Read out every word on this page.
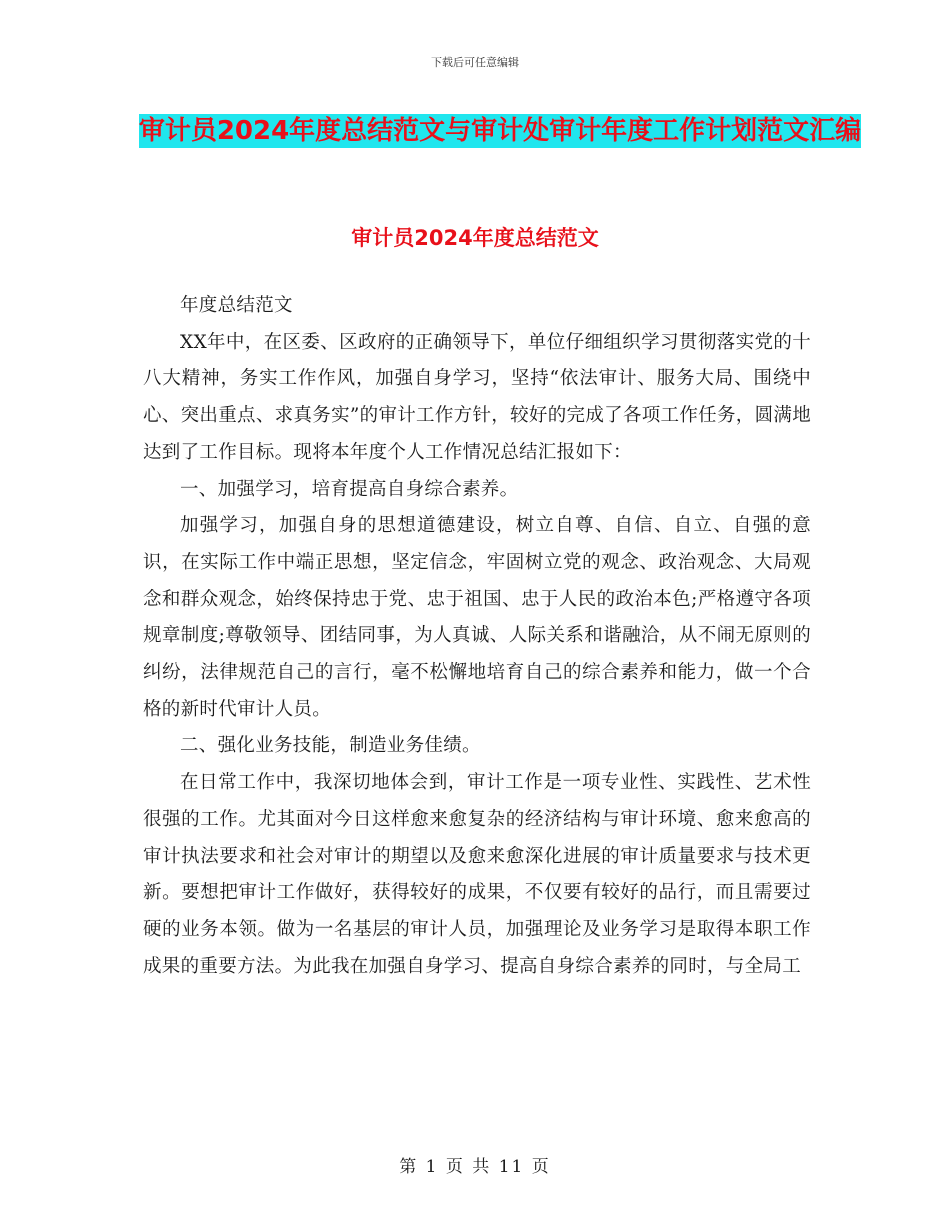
下载后可任意编辑
审计员2024年度总结范文与审计处审计年度工作计划范文汇编
审计员2024年度总结范文

年度总结范文

XX年中，在区委、区政府的正确领导下，单位仔细组织学习贯彻落实党的十八大精神，务实工作作风，加强自身学习，坚持“依法审计、服务大局、围绕中心、突出重点、求真务实”的审计工作方针，较好的完成了各项工作任务，圆满地达到了工作目标。现将本年度个人工作情况总结汇报如下：

一、加强学习，培育提高自身综合素养。

加强学习，加强自身的思想道德建设，树立自尊、自信、自立、自强的意识，在实际工作中端正思想，坚定信念，牢固树立党的观念、政治观念、大局观念和群众观念，始终保持忠于党、忠于祖国、忠于人民的政治本色;严格遵守各项规章制度;尊敬领导、团结同事，为人真诚、人际关系和谐融洽，从不闹无原则的纠纷，法律规范自己的言行，毫不松懈地培育自己的综合素养和能力，做一个合格的新时代审计人员。

二、强化业务技能，制造业务佳绩。

在日常工作中，我深切地体会到，审计工作是一项专业性、实践性、艺术性很强的工作。尤其面对今日这样愈来愈复杂的经济结构与审计环境、愈来愈高的审计执法要求和社会对审计的期望以及愈来愈深化进展的审计质量要求与技术更新。要想把审计工作做好，获得较好的成果，不仅要有较好的品行，而且需要过硬的业务本领。做为一名基层的审计人员，加强理论及业务学习是取得本职工作成果的重要方法。为此我在加强自身学习、提高自身综合素养的同时，与全局工

第 1 页 共 11 页
